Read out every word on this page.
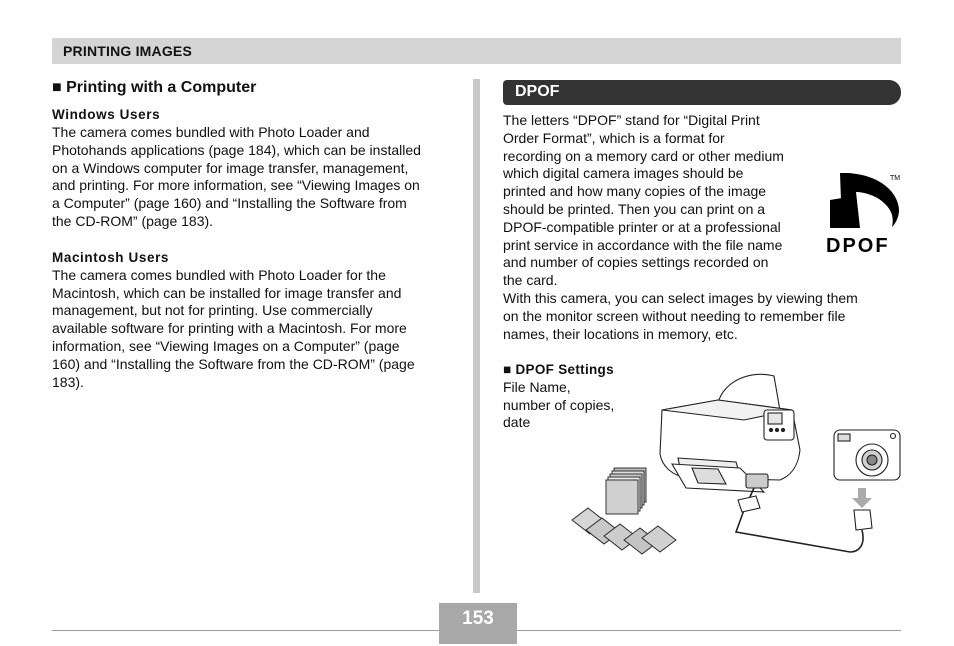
PRINTING IMAGES
■ Printing with a Computer
Windows Users
The camera comes bundled with Photo Loader and
Photohands applications (page 184), which can be installed
on a Windows computer for image transfer, management,
and printing. For more information, see “Viewing Images on
a Computer” (page 160) and “Installing the Software from
the CD-ROM” (page 183).
Macintosh Users
The camera comes bundled with Photo Loader for the
Macintosh, which can be installed for image transfer and
management, but not for printing. Use commercially
available software for printing with a Macintosh. For more
information, see “Viewing Images on a Computer” (page
160) and “Installing the Software from the CD-ROM” (page
183).
DPOF
The letters “DPOF” stand for “Digital Print
Order Format”, which is a format for
recording on a memory card or other medium
which digital camera images should be
printed and how many copies of the image
should be printed. Then you can print on a
DPOF-compatible printer or at a professional
print service in accordance with the file name
and number of copies settings recorded on
the card.
With this camera, you can select images by viewing them
on the monitor screen without needing to remember file
names, their locations in memory, etc.
■ DPOF Settings
File Name,
number of copies,
date
TM
DPOF
153
